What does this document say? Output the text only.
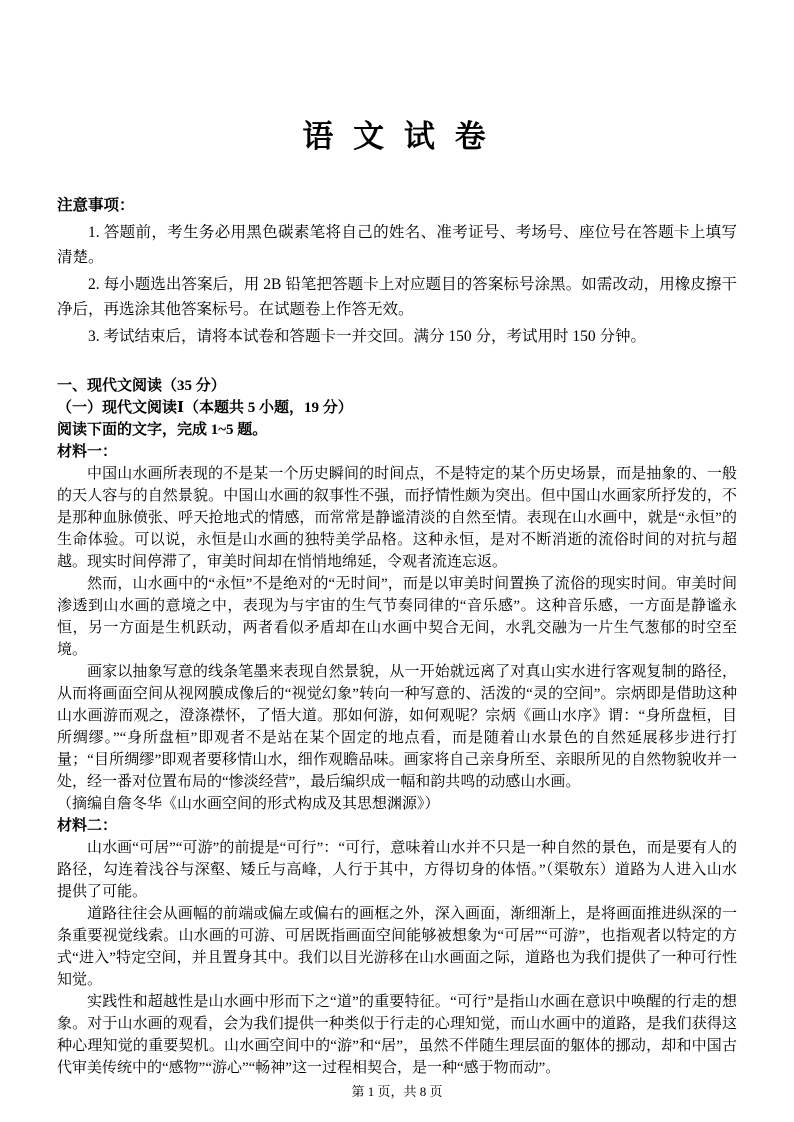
语 文 试 卷
注意事项：

1. 答题前，考生务必用黑色碳素笔将自己的姓名、准考证号、考场号、座位号在答题卡上填写清楚。

2. 每小题选出答案后，用 2B 铅笔把答题卡上对应题目的答案标号涂黑。如需改动，用橡皮擦干净后，再选涂其他答案标号。在试题卷上作答无效。

3. 考试结束后，请将本试卷和答题卡一并交回。满分 150 分，考试用时 150 分钟。

一、现代文阅读（35 分）
（一）现代文阅读Ⅰ（本题共 5 小题，19 分）
阅读下面的文字，完成 1~5 题。

材料一：

中国山水画所表现的不是某一个历史瞬间的时间点，不是特定的某个历史场景，而是抽象的、一般的天人容与的自然景貌。中国山水画的叙事性不强，而抒情性颇为突出。但中国山水画家所抒发的，不是那种血脉偾张、呼天抢地式的情感，而常常是静谧清淡的自然至情。表现在山水画中，就是“永恒”的生命体验。可以说，永恒是山水画的独特美学品格。这种永恒，是对不断消逝的流俗时间的对抗与超越。现实时间停滞了，审美时间却在悄悄地绵延，令观者流连忘返。

然而，山水画中的“永恒”不是绝对的“无时间”，而是以审美时间置换了流俗的现实时间。审美时间渗透到山水画的意境之中，表现为与宇宙的生气节奏同律的“音乐感”。这种音乐感，一方面是静谧永恒，另一方面是生机跃动，两者看似矛盾却在山水画中契合无间，水乳交融为一片生气葱郁的时空至境。

画家以抽象写意的线条笔墨来表现自然景貌，从一开始就远离了对真山实水进行客观复制的路径，从而将画面空间从视网膜成像后的“视觉幻象”转向一种写意的、活泼的“灵的空间”。宗炳即是借助这种山水画游而观之，澄涤襟怀，了悟大道。那如何游，如何观呢？宗炳《画山水序》谓：“身所盘桓，目所绸缪。”“身所盘桓”即观者不是站在某个固定的地点看，而是随着山水景色的自然延展移步进行打量；“目所绸缪”即观者要移情山水，细作观瞻品味。画家将自己亲身所至、亲眼所见的自然物貌收并一处，经一番对位置布局的“惨淡经营”，最后编织成一幅和韵共鸣的动感山水画。

（摘编自詹冬华《山水画空间的形式构成及其思想渊源》）

材料二：

山水画“可居”“可游”的前提是“可行”：“可行，意味着山水并不只是一种自然的景色，而是要有人的路径，勾连着浅谷与深壑、矮丘与高峰，人行于其中，方得切身的体悟。”（渠敬东）道路为人进入山水提供了可能。

道路往往会从画幅的前端或偏左或偏右的画框之外，深入画面，渐细渐上，是将画面推进纵深的一条重要视觉线索。山水画的可游、可居既指画面空间能够被想象为“可居”“可游”，也指观者以特定的方式“进入”特定空间，并且置身其中。我们以目光游移在山水画面之际，道路也为我们提供了一种可行性知觉。

实践性和超越性是山水画中形而下之“道”的重要特征。“可行”是指山水画在意识中唤醒的行走的想象。对于山水画的观看，会为我们提供一种类似于行走的心理知觉，而山水画中的道路，是我们获得这种心理知觉的重要契机。山水画空间中的“游”和“居”，虽然不伴随生理层面的躯体的挪动，却和中国古代审美传统中的“感物”“游心”“畅神”这一过程相契合，是一种“感于物而动”。

第 1 页，共 8 页
